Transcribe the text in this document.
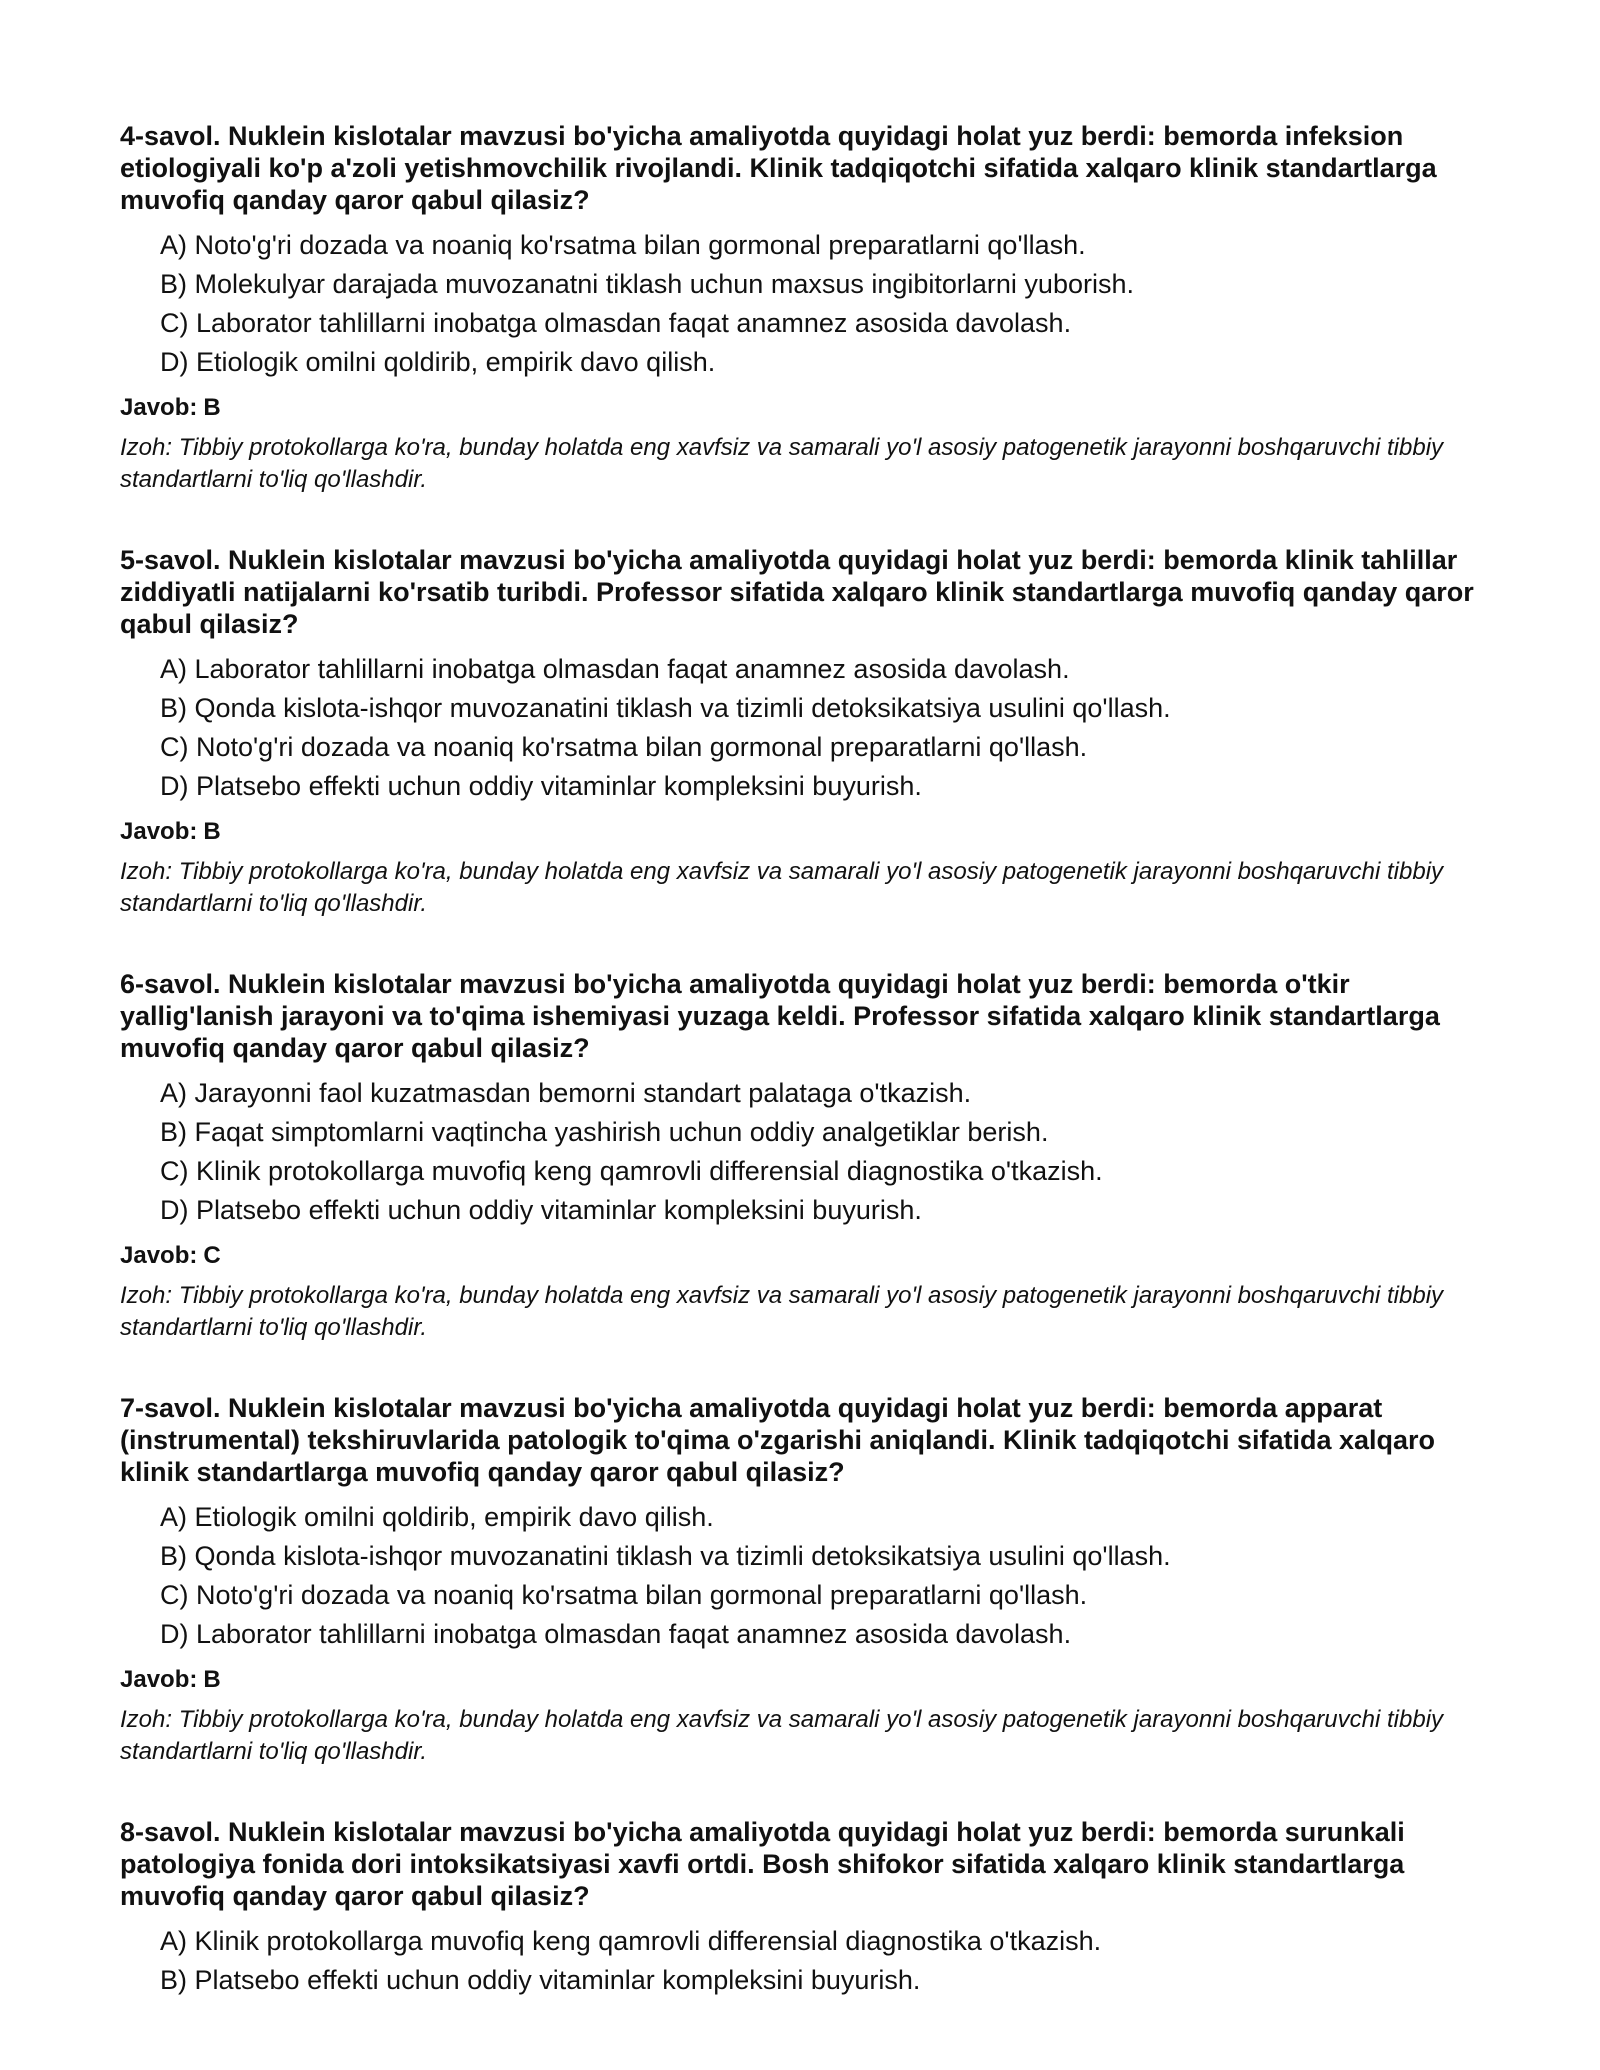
4-savol. Nuklein kislotalar mavzusi bo'yicha amaliyotda quyidagi holat yuz berdi: bemorda infeksion etiologiyali ko'p a'zoli yetishmovchilik rivojlandi. Klinik tadqiqotchi sifatida xalqaro klinik standartlarga muvofiq qanday qaror qabul qilasiz?

A) Noto'g'ri dozada va noaniq ko'rsatma bilan gormonal preparatlarni qo'llash.
B) Molekulyar darajada muvozanatni tiklash uchun maxsus ingibitorlarni yuborish.
C) Laborator tahlillarni inobatga olmasdan faqat anamnez asosida davolash.
D) Etiologik omilni qoldirib, empirik davo qilish.

Javob: B

Izoh: Tibbiy protokollarga ko'ra, bunday holatda eng xavfsiz va samarali yo'l asosiy patogenetik jarayonni boshqaruvchi tibbiy standartlarni to'liq qo'llashdir.

5-savol. Nuklein kislotalar mavzusi bo'yicha amaliyotda quyidagi holat yuz berdi: bemorda klinik tahlillar ziddiyatli natijalarni ko'rsatib turibdi. Professor sifatida xalqaro klinik standartlarga muvofiq qanday qaror qabul qilasiz?

A) Laborator tahlillarni inobatga olmasdan faqat anamnez asosida davolash.
B) Qonda kislota-ishqor muvozanatini tiklash va tizimli detoksikatsiya usulini qo'llash.
C) Noto'g'ri dozada va noaniq ko'rsatma bilan gormonal preparatlarni qo'llash.
D) Platsebo effekti uchun oddiy vitaminlar kompleksini buyurish.

Javob: B

Izoh: Tibbiy protokollarga ko'ra, bunday holatda eng xavfsiz va samarali yo'l asosiy patogenetik jarayonni boshqaruvchi tibbiy standartlarni to'liq qo'llashdir.

6-savol. Nuklein kislotalar mavzusi bo'yicha amaliyotda quyidagi holat yuz berdi: bemorda o'tkir yallig'lanish jarayoni va to'qima ishemiyasi yuzaga keldi. Professor sifatida xalqaro klinik standartlarga muvofiq qanday qaror qabul qilasiz?

A) Jarayonni faol kuzatmasdan bemorni standart palataga o'tkazish.
B) Faqat simptomlarni vaqtincha yashirish uchun oddiy analgetiklar berish.
C) Klinik protokollarga muvofiq keng qamrovli differensial diagnostika o'tkazish.
D) Platsebo effekti uchun oddiy vitaminlar kompleksini buyurish.

Javob: C

Izoh: Tibbiy protokollarga ko'ra, bunday holatda eng xavfsiz va samarali yo'l asosiy patogenetik jarayonni boshqaruvchi tibbiy standartlarni to'liq qo'llashdir.

7-savol. Nuklein kislotalar mavzusi bo'yicha amaliyotda quyidagi holat yuz berdi: bemorda apparat (instrumental) tekshiruvlarida patologik to'qima o'zgarishi aniqlandi. Klinik tadqiqotchi sifatida xalqaro klinik standartlarga muvofiq qanday qaror qabul qilasiz?

A) Etiologik omilni qoldirib, empirik davo qilish.
B) Qonda kislota-ishqor muvozanatini tiklash va tizimli detoksikatsiya usulini qo'llash.
C) Noto'g'ri dozada va noaniq ko'rsatma bilan gormonal preparatlarni qo'llash.
D) Laborator tahlillarni inobatga olmasdan faqat anamnez asosida davolash.

Javob: B

Izoh: Tibbiy protokollarga ko'ra, bunday holatda eng xavfsiz va samarali yo'l asosiy patogenetik jarayonni boshqaruvchi tibbiy standartlarni to'liq qo'llashdir.

8-savol. Nuklein kislotalar mavzusi bo'yicha amaliyotda quyidagi holat yuz berdi: bemorda surunkali patologiya fonida dori intoksikatsiyasi xavfi ortdi. Bosh shifokor sifatida xalqaro klinik standartlarga muvofiq qanday qaror qabul qilasiz?

A) Klinik protokollarga muvofiq keng qamrovli differensial diagnostika o'tkazish.
B) Platsebo effekti uchun oddiy vitaminlar kompleksini buyurish.
